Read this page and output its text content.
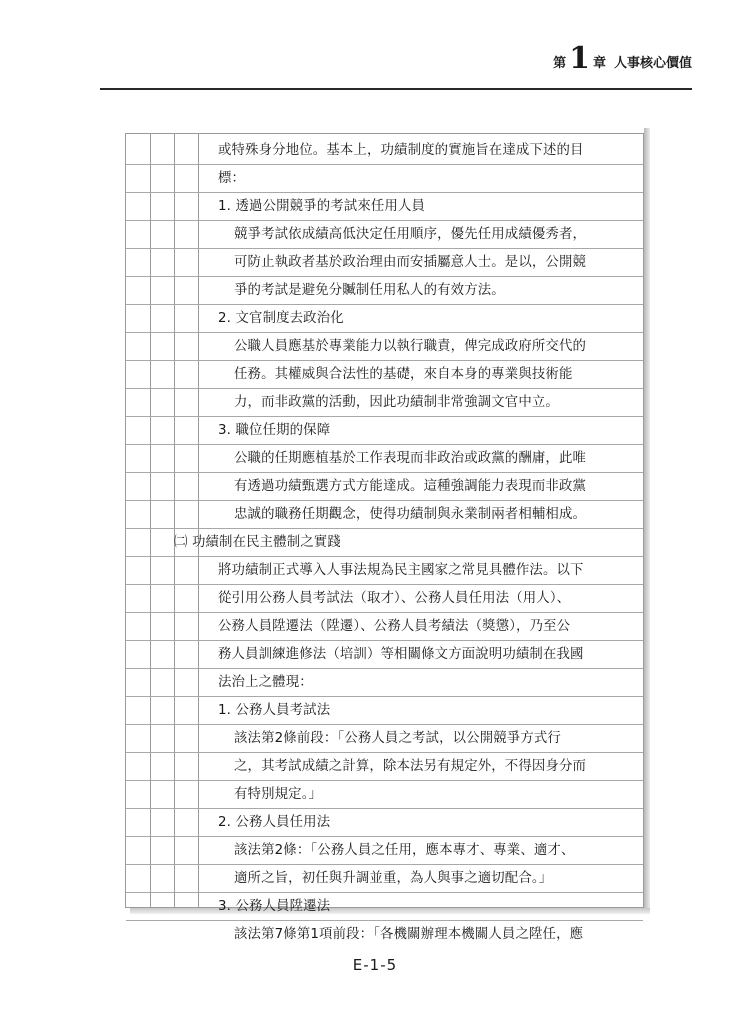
第 1 章 人事核心價值
或特殊身分地位。基本上，功績制度的實施旨在達成下述的目
標：
1. 透過公開競爭的考試來任用人員
競爭考試依成績高低決定任用順序，優先任用成績優秀者，
可防止執政者基於政治理由而安插屬意人士。是以，公開競
爭的考試是避免分贓制任用私人的有效方法。
2. 文官制度去政治化
公職人員應基於專業能力以執行職責，俾完成政府所交代的
任務。其權威與合法性的基礎，來自本身的專業與技術能
力，而非政黨的活動，因此功績制非常強調文官中立。
3. 職位任期的保障
公職的任期應植基於工作表現而非政治或政黨的酬庸，此唯
有透過功績甄選方式方能達成。這種強調能力表現而非政黨
忠誠的職務任期觀念，使得功績制與永業制兩者相輔相成。
㈡ 功績制在民主體制之實踐
將功績制正式導入人事法規為民主國家之常見具體作法。以下
從引用公務人員考試法（取才）、公務人員任用法（用人）、
公務人員陞遷法（陞遷）、公務人員考績法（獎懲），乃至公
務人員訓練進修法（培訓）等相關條文方面說明功績制在我國
法治上之體現：
1. 公務人員考試法
該法第2條前段：「公務人員之考試，以公開競爭方式行
之，其考試成績之計算，除本法另有規定外，不得因身分而
有特別規定。」
2. 公務人員任用法
該法第2條：「公務人員之任用，應本專才、專業、適才、
適所之旨，初任與升調並重，為人與事之適切配合。」
3. 公務人員陞遷法
該法第7條第1項前段：「各機關辦理本機關人員之陞任，應
E-1-5
